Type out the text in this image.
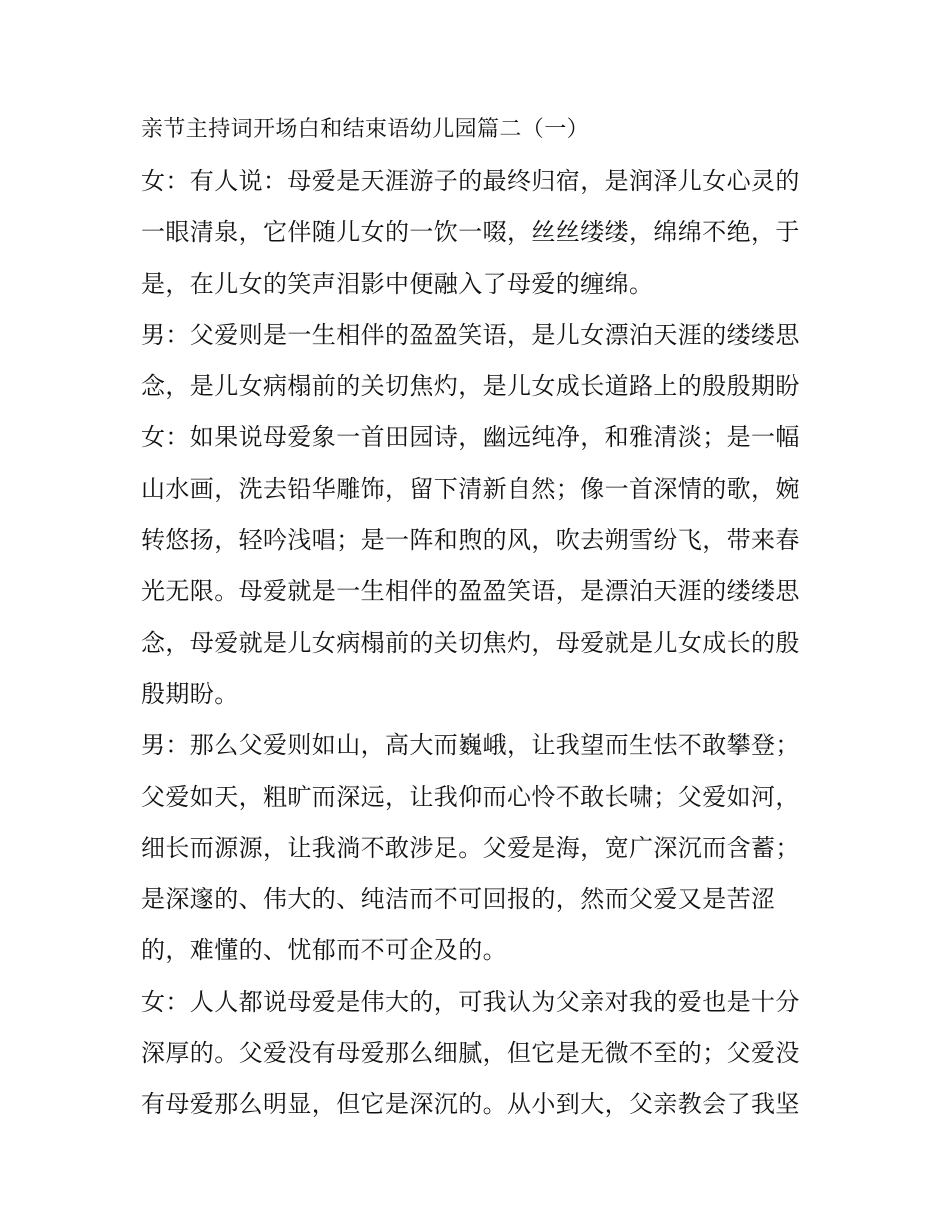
亲节主持词开场白和结束语幼儿园篇二（一）
女：有人说：母爱是天涯游子的最终归宿，是润泽儿女心灵的
一眼清泉，它伴随儿女的一饮一啜，丝丝缕缕，绵绵不绝，于
是，在儿女的笑声泪影中便融入了母爱的缠绵。
男：父爱则是一生相伴的盈盈笑语，是儿女漂泊天涯的缕缕思
念，是儿女病榻前的关切焦灼，是儿女成长道路上的殷殷期盼
女：如果说母爱象一首田园诗，幽远纯净，和雅清淡；是一幅
山水画，洗去铅华雕饰，留下清新自然；像一首深情的歌，婉
转悠扬，轻吟浅唱；是一阵和煦的风，吹去朔雪纷飞，带来春
光无限。母爱就是一生相伴的盈盈笑语，是漂泊天涯的缕缕思
念，母爱就是儿女病榻前的关切焦灼，母爱就是儿女成长的殷
殷期盼。
男：那么父爱则如山，高大而巍峨，让我望而生怯不敢攀登；
父爱如天，粗旷而深远，让我仰而心怜不敢长啸；父爱如河，
细长而源源，让我淌不敢涉足。父爱是海，宽广深沉而含蓄；
是深邃的、伟大的、纯洁而不可回报的，然而父爱又是苦涩
的，难懂的、忧郁而不可企及的。
女：人人都说母爱是伟大的，可我认为父亲对我的爱也是十分
深厚的。父爱没有母爱那么细腻，但它是无微不至的；父爱没
有母爱那么明显，但它是深沉的。从小到大，父亲教会了我坚
